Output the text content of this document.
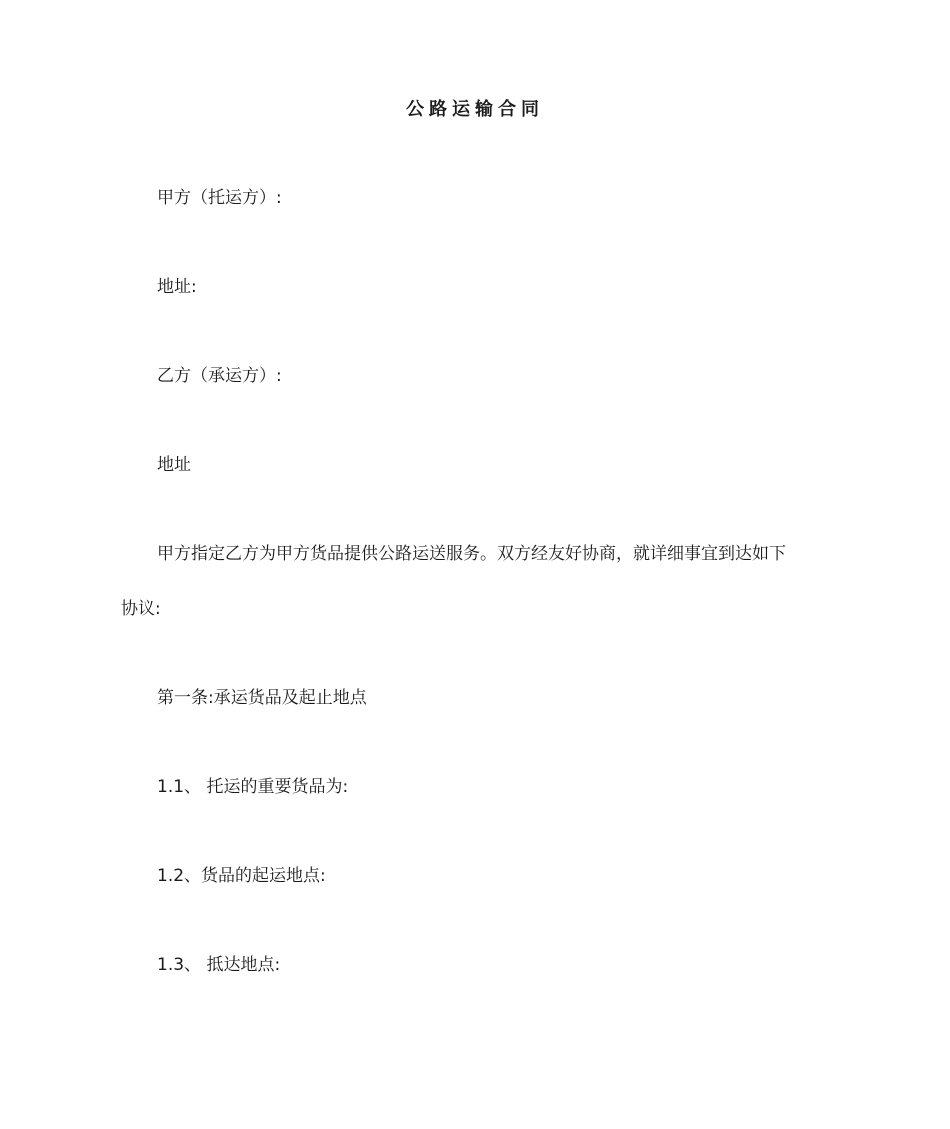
公路运输合同
甲方（托运方）:
地址:
乙方（承运方）:
地址
甲方指定乙方为甲方货品提供公路运送服务。双方经友好协商，就详细事宜到达如下
协议:
第一条:承运货品及起止地点
1.1、 托运的重要货品为:
1.2、货品的起运地点:
1.3、 抵达地点:
